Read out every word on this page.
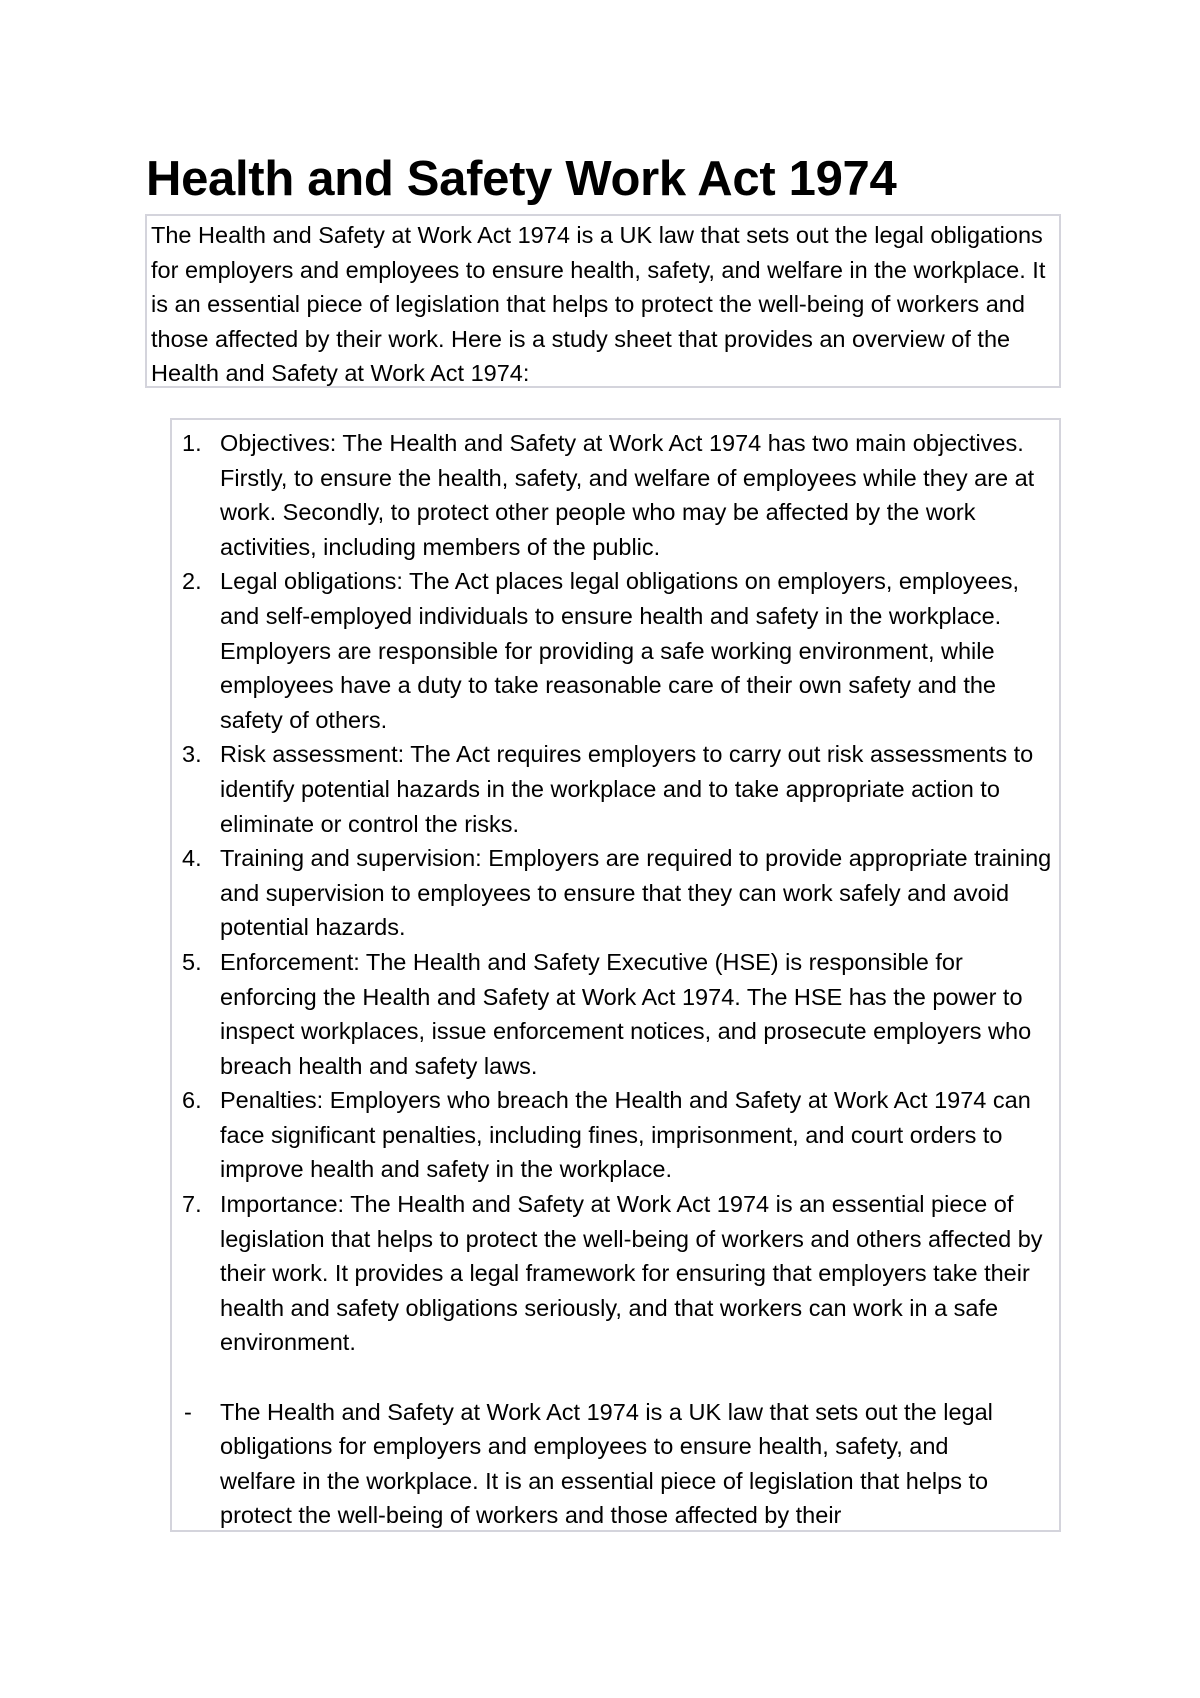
Health and Safety Work Act 1974

The Health and Safety at Work Act 1974 is a UK law that sets out the legal obligations for employers and employees to ensure health, safety, and welfare in the workplace. It is an essential piece of legislation that helps to protect the well-being of workers and those affected by their work. Here is a study sheet that provides an overview of the Health and Safety at Work Act 1974:

1. Objectives: The Health and Safety at Work Act 1974 has two main objectives. Firstly, to ensure the health, safety, and welfare of employees while they are at work. Secondly, to protect other people who may be affected by the work activities, including members of the public.
2. Legal obligations: The Act places legal obligations on employers, employees, and self-employed individuals to ensure health and safety in the workplace. Employers are responsible for providing a safe working environment, while employees have a duty to take reasonable care of their own safety and the safety of others.
3. Risk assessment: The Act requires employers to carry out risk assessments to identify potential hazards in the workplace and to take appropriate action to eliminate or control the risks.
4. Training and supervision: Employers are required to provide appropriate training and supervision to employees to ensure that they can work safely and avoid potential hazards.
5. Enforcement: The Health and Safety Executive (HSE) is responsible for enforcing the Health and Safety at Work Act 1974. The HSE has the power to inspect workplaces, issue enforcement notices, and prosecute employers who breach health and safety laws.
6. Penalties: Employers who breach the Health and Safety at Work Act 1974 can face significant penalties, including fines, imprisonment, and court orders to improve health and safety in the workplace.
7. Importance: The Health and Safety at Work Act 1974 is an essential piece of legislation that helps to protect the well-being of workers and others affected by their work. It provides a legal framework for ensuring that employers take their health and safety obligations seriously, and that workers can work in a safe environment.
- The Health and Safety at Work Act 1974 is a UK law that sets out the legal obligations for employers and employees to ensure health, safety, and welfare in the workplace. It is an essential piece of legislation that helps to protect the well-being of workers and those affected by their
